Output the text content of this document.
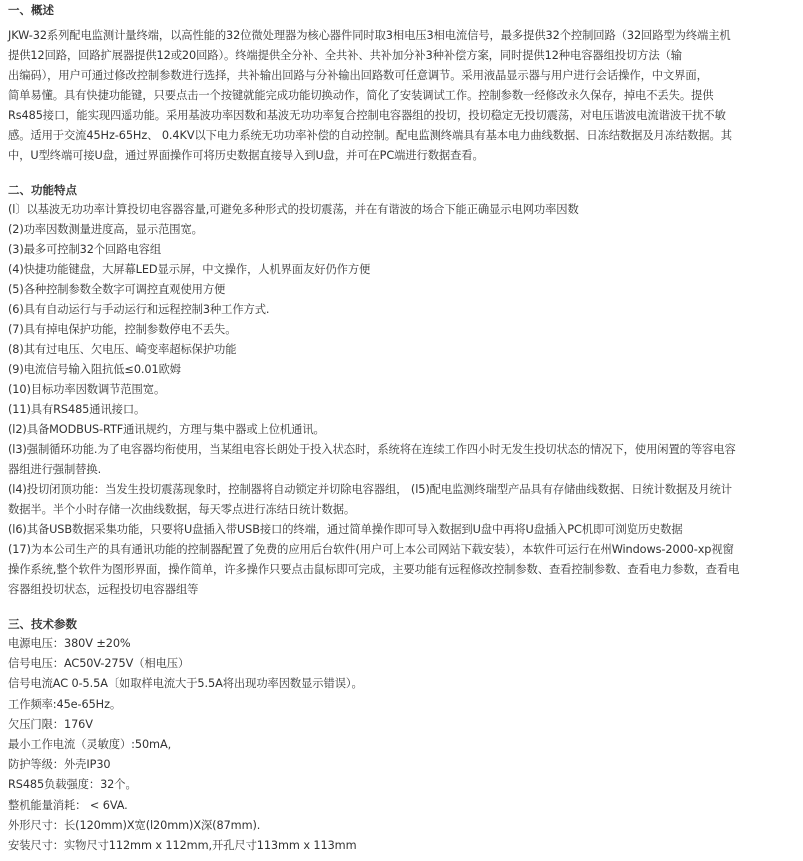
一、概述

JKW-32系列配电监测计量终端，以高性能的32位微处理器为核心器件同时取3相电压3相电流信号，最多提供32个控制回路（32回路型为终端主机
提供12回路，回路扩展器提供12或20回路）。终端提供全分补、全共补、共补加分补3种补偿方案，同时提供12种电容器组投切方法（输
出编码），用户可通过修改控制参数进行选择，共补输出回路与分补输出回路数可任意调节。采用液晶显示器与用户进行会话操作，中文界面，
简单易懂。具有快捷功能键，只要点击一个按键就能完成功能切换动作，简化了安装调试工作。控制参数一经修改永久保存，掉电不丢失。提供
Rs485接口，能实现四遥功能。采用基波功率因数和基波无功功率复合控制电容器组的投切，投切稳定无投切震荡，对电压谐波电流谐波干扰不敏
感。适用于交流45Hz-65Hz、 0.4KV以下电力系统无功功率补偿的自动控制。配电监测终端具有基本电力曲线数据、日冻结数据及月冻结数据。其
中，U型终端可接U盘，通过界面操作可将历史数据直接导入到U盘，并可在PC端进行数据查看。

二、功能特点

(l〕以基波无功功率计算投切电容器容量,可避免多种形式的投切震荡，并在有谐波的场合下能正确显示电网功率因数
(2)功率因数测量进度高，显示范围宽。
(3)最多可控制32个回路电容组
(4)快捷功能键盘，大屏幕LED显示屏，中文操作，人机界面友好仍作方便
(5)各种控制参数全数字可调控直观使用方便
(6)具有自动运行与手动运行和远程控制3种工作方式.
(7)具有掉电保护功能，控制参数停电不丢失。
(8)其有过电压、欠电压、崎变率超标保护功能
(9)电流信号输入阻抗低≤0.01欧姆
(10)目标功率因数调节范围宽。
(11)具有RS485通讯接口。
(l2)具备MODBUS-RTF通讯规约，方理与集中器或上位机通讯。
(l3)强制循环功能.为了电容器均衔使用，当某组电容长朗处于投入状态时，系统将在连续工作四小时无发生投切状态的情况下，使用闲置的等容电容
器组进行强制替换.
(l4)投切闭顶功能：当发生投切震荡现象时，控制器将自动锁定并切除电容器组， (l5)配电监测终瑞型产品具有存储曲线数据、日统计数据及月统计
数据半。半个小时存储一次曲线数据，每天零点进行冻结日统计数据。
(l6)其备USB数据采集功能，只要将U盘插入带USB接口的终端，通过简单操作即可导入数据到U盘中再将U盘插入PC机即可浏览历史数据
(17)为本公司生产的具有通讯功能的控制器配置了免费的应用后台软件(用户可上本公司网站下载安装），本软件可运行在州Windows-2000-xp视窗
操作系统,整个软件为图形界面，操作简单，许多操作只要点击鼠标即可完成，主要功能有远程修改控制参数、查看控制参数、查看电力参数，查看电
容器组投切状态，远程投切电容器组等

三、技术参数

电源电压：380V ±20%
信号电压：AC50V-275V（相电压）
信号电流AC 0-5.5A〔如取样电流大于5.5A将出现功率因数显示错误）。
工作频率:45e-65Hz。
欠压门限：176V
最小工作电流（灵敏度）:50mA,
防护等级：外壳IP30
RS485负载强度：32个。
整机能量消耗： < 6VA.
外形尺寸：长(120mm)X宽(l20mm)X深(87mm).
安装尺寸：实物尺寸112mm x 112mm,开孔尺寸113mm x 113mm
